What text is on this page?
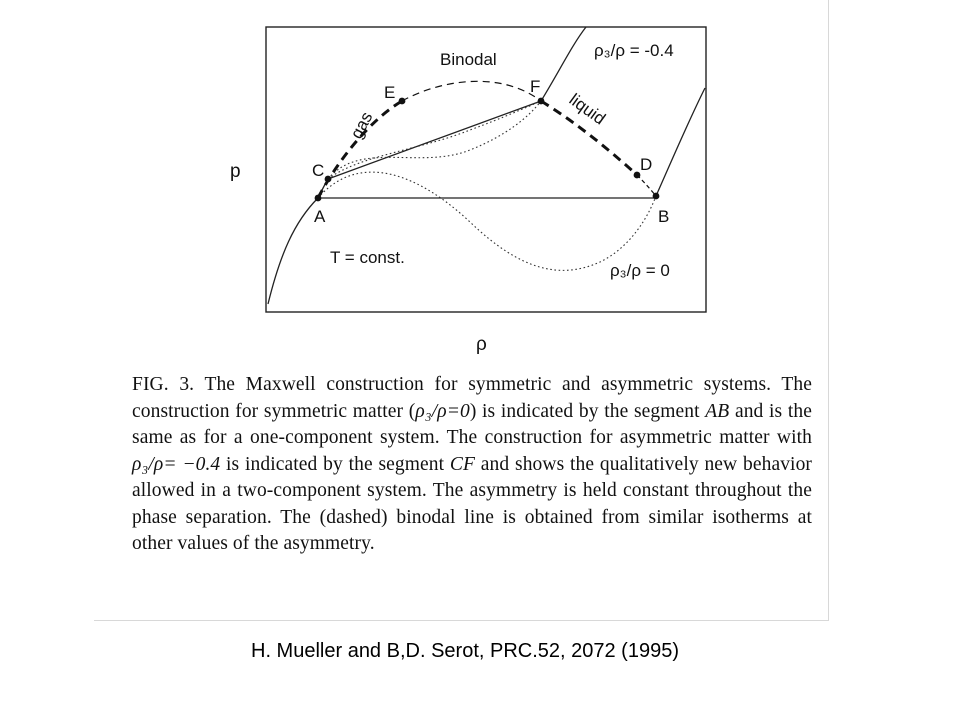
p
ρ
Binodal
gas	liquid
T = const.
ρ₃/ρ = -0.4
ρ₃/ρ = 0
A	B
C	D
E	F

FIG. 3. The Maxwell construction for symmetric and asymmetric systems. The construction for symmetric matter (ρ₃/ρ=0) is indicated by the segment AB and is the same as for a one-component system. The construction for asymmetric matter with ρ₃/ρ= −0.4 is indicated by the segment CF and shows the qualitatively new behavior allowed in a two-component system. The asymmetry is held constant throughout the phase separation. The (dashed) binodal line is obtained from similar isotherms at other values of the asymmetry.

H. Mueller and B,D. Serot, PRC.52, 2072 (1995)
